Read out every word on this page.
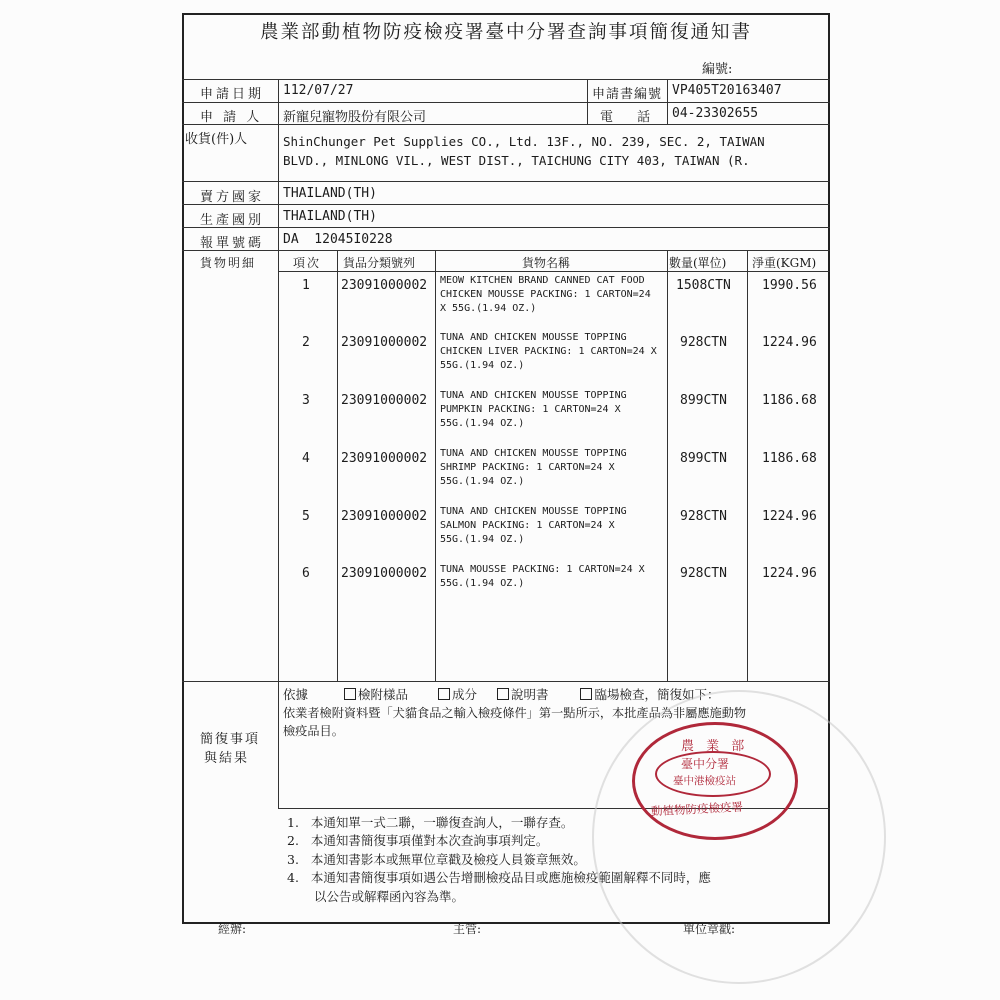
農業部動植物防疫檢疫署臺中分署查詢事項簡復通知書
編號:
申請日期 112/07/27	申請書編號 VP405T20163407
申 請 人 新寵兒寵物股份有限公司	電 話 04-23302655
收貨(件)人	ShinChunger Pet Supplies CO., Ltd. 13F., NO. 239, SEC. 2, TAIWAN
BLVD., MINLONG VIL., WEST DIST., TAICHUNG CITY 403, TAIWAN (R.
賣方國家 THAILAND(TH)
生產國別 THAILAND(TH)
報單號碼 DA  12045I0228
貨物明細	項次 貨品分類號列	貨物名稱	數量(單位) 淨重(KGM)
1 23091000002 MEOW KITCHEN BRAND CANNED CAT FOOD
CHICKEN MOUSSE PACKING: 1 CARTON=24
X 55G.(1.94 OZ.)
1508CTN 1990.56
2 23091000002 TUNA AND CHICKEN MOUSSE TOPPING
CHICKEN LIVER PACKING: 1 CARTON=24 X
55G.(1.94 OZ.)
928CTN	1224.96
3 23091000002 TUNA AND CHICKEN MOUSSE TOPPING
PUMPKIN PACKING: 1 CARTON=24 X
55G.(1.94 OZ.)
899CTN	1186.68
4 23091000002 TUNA AND CHICKEN MOUSSE TOPPING
SHRIMP PACKING: 1 CARTON=24 X
55G.(1.94 OZ.)
899CTN	1186.68
5 23091000002 TUNA AND CHICKEN MOUSSE TOPPING
SALMON PACKING: 1 CARTON=24 X
55G.(1.94 OZ.)
928CTN	1224.96
6 23091000002 TUNA MOUSSE PACKING: 1 CARTON=24 X
55G.(1.94 OZ.)
928CTN	1224.96
簡復事項
與結果
依據	檢附樣品	成分	說明書	臨場檢查，簡復如下：
依業者檢附資料暨「犬貓食品之輸入檢疫條件」第一點所示，本批產品為非屬應施動物
檢疫品目。
1. 本通知單一式二聯，一聯復查詢人，一聯存查。
2. 本通知書簡復事項僅對本次查詢事項判定。
3. 本通知書影本或無單位章戳及檢疫人員簽章無效。
4. 本通知書簡復事項如遇公告增刪檢疫品目或應施檢疫範圍解釋不同時，應
以公告或解釋函內容為準。
經辦:	主管:	單位章戳:
農 業 部
臺中分署
臺中港檢疫站
動植物防疫檢疫署
